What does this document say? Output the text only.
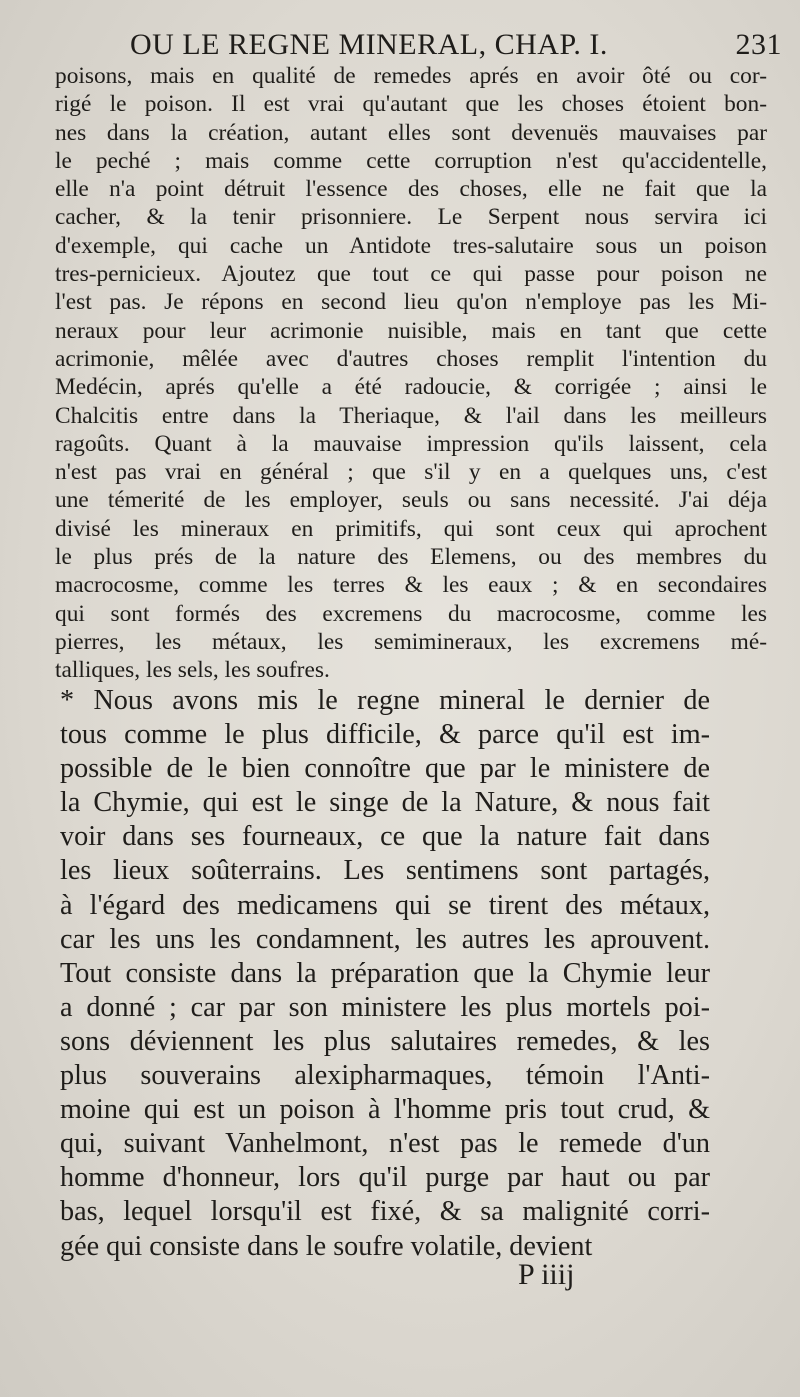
OU LE REGNE MINERAL, CHAP. I.	231
poisons, mais en qualité de remedes aprés en avoir ôté ou cor-
rigé le poison. Il est vrai qu'autant que les choses étoient bon-
nes dans la création, autant elles sont devenuës mauvaises par
le peché ; mais comme cette corruption n'est qu'accidentelle,
elle n'a point détruit l'essence des choses, elle ne fait que la
cacher, & la tenir prisonniere. Le Serpent nous servira ici
d'exemple, qui cache un Antidote tres-salutaire sous un poison
tres-pernicieux. Ajoutez que tout ce qui passe pour poison ne
l'est pas. Je répons en second lieu qu'on n'employe pas les Mi-
neraux pour leur acrimonie nuisible, mais en tant que cette
acrimonie, mêlée avec d'autres choses remplit l'intention du
Medécin, aprés qu'elle a été radoucie, & corrigée ; ainsi le
Chalcitis entre dans la Theriaque, & l'ail dans les meilleurs
ragoûts. Quant à la mauvaise impression qu'ils laissent, cela
n'est pas vrai en général ; que s'il y en a quelques uns, c'est
une témerité de les employer, seuls ou sans necessité. J'ai déja
divisé les mineraux en primitifs, qui sont ceux qui aprochent
le plus prés de la nature des Elemens, ou des membres du
macrocosme, comme les terres & les eaux ; & en secondaires
qui sont formés des excremens du macrocosme, comme les
pierres, les métaux, les semimineraux, les excremens mé-
talliques, les sels, les soufres.
* Nous avons mis le regne mineral le dernier de
tous comme le plus difficile, & parce qu'il est im-
possible de le bien connoître que par le ministere de
la Chymie, qui est le singe de la Nature, & nous fait
voir dans ses fourneaux, ce que la nature fait dans
les lieux soûterrains. Les sentimens sont partagés,
à l'égard des medicamens qui se tirent des métaux,
car les uns les condamnent, les autres les aprouvent.
Tout consiste dans la préparation que la Chymie leur
a donné ; car par son ministere les plus mortels poi-
sons déviennent les plus salutaires remedes, & les
plus souverains alexipharmaques, témoin l'Anti-
moine qui est un poison à l'homme pris tout crud, &
qui, suivant Vanhelmont, n'est pas le remede d'un
homme d'honneur, lors qu'il purge par haut ou par
bas, lequel lorsqu'il est fixé, & sa malignité corri-
gée qui consiste dans le soufre volatile, devient
P iiij
